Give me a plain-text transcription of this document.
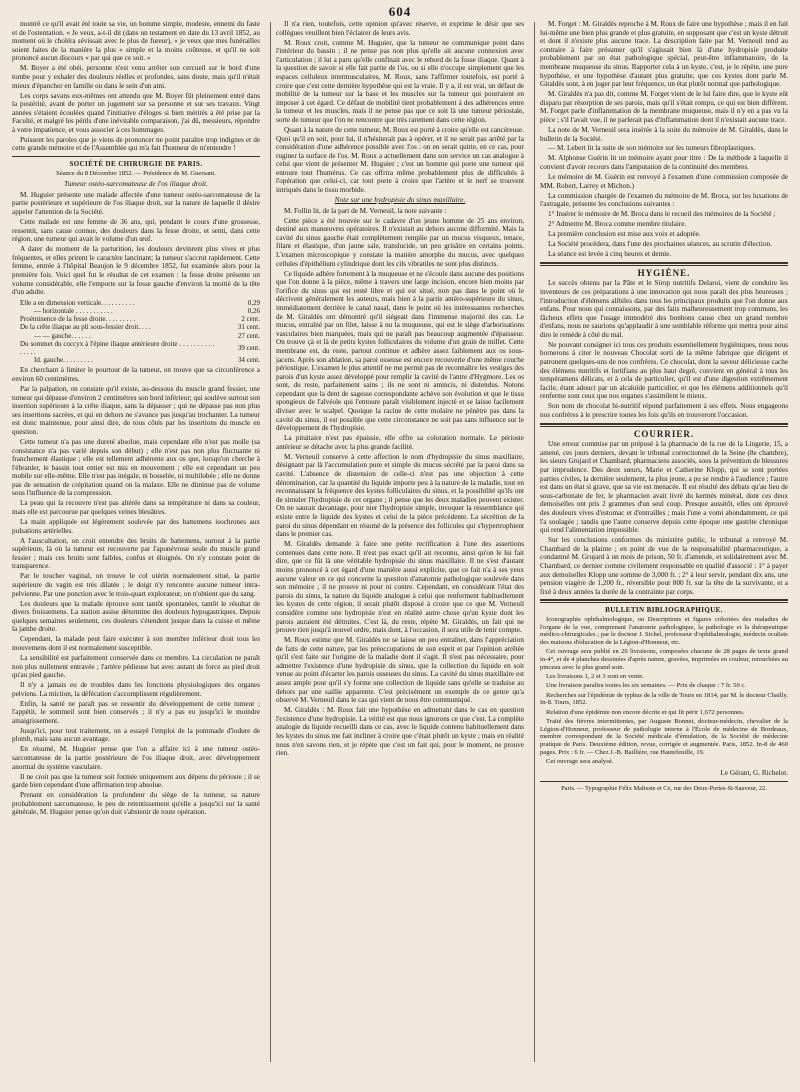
604

montré ce qu'il avait été toute sa vie, un homme simple, modeste, ennemi du faste et de l'ostentation. « Je veux, a-t-il dit (dans un testament en date du 13 avril 1852, au moment où le choléra sévissait avec le plus de fureur), « je veux que mes funérailles soient faites de la manière la plus « simple et la moins coûteuse, et qu'il ne soit prononcé aucun discours « par qui que ce soit. »

M. Boyer a été obéi, personne n'est venu arrêter son cercueil sur le bord d'une tombe pour y exhaler des douleurs réelles et profondes, sans doute, mais qu'il n'était mieux d'épancher en famille ou dans le sein d'un ami.

Les corps savans eux-mêmes ont attendu que M. Boyer fût pleinement entré dans la postérité, avant de porter un jugement sur sa personne et sur ses travaux. Vingt années s'étaient écoulées quand l'initiative d'éloges si bien mérités a été prise par la Faculté, et malgré les périls d'une inévitable comparaison, j'ai dû, messieurs, répondre à votre impatience, et vous associer à ces hommages.

Puissent les paroles que je viens de prononcer ne point paraître trop indignes et de cette grande mémoire et de l'Assemblée qui m'a fait l'honneur de m'entendre !

SOCIÉTÉ DE CHIRURGIE DE PARIS.
Séance du 8 Décembre 1852. — Présidence de M. Guersant.
Tumeur ostéo-sarcomateuse de l'os iliaque droit.

M. Huguier présente une malade affectée d'une tumeur ostéo-sarcomateuse de la partie postérieure et supérieure de l'os iliaque droit, sur la nature de laquelle il désire appeler l'attention de la Société.

Cette malade est une femme de 36 ans, qui, pendant le cours d'une grossesse, ressentit, sans cause connue, des douleurs dans la fesse droite, et senti, dans cette région, une tumeur qui avait le volume d'un œuf.

A dater du moment de la parturition, les douleurs devinrent plus vives et plus fréquentes, et elles prirent le caractère lancinant; la tumeur s'accrut rapidement. Cette femme, entrée à l'hôpital Beaujon le 9 décembre 1852, fut examinée alors pour la première fois. Voici quel fut le résultat de cet examen : la fesse droite présente un volume considérable, elle l'emporte sur la fesse gauche d'environ la moitié de la tête d'un adulte.

Elle a en dimension verticale. . . . . . . . . .	0,29
— horizontale . . . . . . . . . . .	0,26
Proéminence de la fesse droite. . . . . . . . .	2 cent.
De la crête iliaque au pli sous-fessier droit. . . .	31 cent.
— — gauche. . . . . .	27 cent.
Du sommet du coccyx à l'épine iliaque antérieure droite . . . . . . . . . . . . . . .	39 cent.
Id. gauche. . . . . . . . .	34 cent.

En cherchant à limiter le pourtour de la tumeur, on trouve que sa circonférence a environ 60 centimètres.

Par la palpation, on constate qu'il existe, au-dessous du muscle grand fessier, une tumeur qui dépasse d'environ 2 centimètres son bord inférieur; qui soulève surtout son insertion supérieure à la crête iliaque, sans la dépasser ; qui ne dépasse pas non plus ses insertions sacrées, et qui en dehors ne s'avance pas jusqu'au trochanter. La tumeur est donc maintenue, pour ainsi dire, de tous côtés par les insertions du muscle en question.

Cette tumeur n'a pas une dureté absolue, mais cependant elle n'est pas molle (sa consistance n'a pas varié depuis son début) ; elle n'est pas non plus fluctuante ni franchement élastique ; elle est tellement adhérente aux os que, lorsqu'on cherche à l'ébranler, le bassin tout entier est mis en mouvement ; elle est cependant un peu mobile sur elle-même. Elle n'est pas inégale, ni bosselée, ni multilobée ; elle ne donne pas de sensation de crépitation quand on la malaxe. Elle ne diminue pas de volume sous l'influence de la compression.

La peau qui la recouvre n'est pas altérée dans sa température ni dans sa couleur, mais elle est parcourue par quelques veines bleuâtres.

La main appliquée est légèrement soulevée par des battemens isochrones aux pulsations artérielles.

A l'auscultation, on croit entendre des bruits de battemens, surtout à la partie supérieure, là où la tumeur est recouverte par l'aponévrose seule du muscle grand fessier ; mais ces bruits sont faibles, confus et éloignés. On n'y constate point de transparence.

Par le toucher vaginal, on trouve le col utérin normalement situé, la partie supérieure du vagin est très dilatée ; le doigt n'y rencontre aucune tumeur intra-pelvienne. Par une ponction avec le trois-quart explorateur, on n'obtient que du sang.

Les douleurs que la malade éprouve sont tantôt spontanées, tantôt le résultat de divers froissemens. La station assise détermine des douleurs hypogastriques. Depuis quelques semaines seulement, ces douleurs s'étendent jusque dans la cuisse et même la jambe droite.

Cependant, la malade peut faire exécuter à son membre inférieur droit tous les mouvemens dont il est normalement susceptible.

La sensibilité est parfaitement conservée dans ce membre. La circulation ne paraît non plus nullement entravée ; l'artère pédieuse bat avec autant de force au pied droit qu'au pied gauche.

Il n'y a jamais eu de troubles dans les fonctions physiologiques des organes pelviens. La miction, la défécation s'accomplissent régulièrement.

Enfin, la santé ne paraît pas se ressentir du développement de cette tumeur ; l'appétit, le sommeil sont bien conservés ; il n'y a pas eu jusqu'ici le moindre amaigrissement.

Jusqu'ici, pour tout traitement, on a essayé l'emploi de la pommade d'iodure de plomb, mais sans aucun avantage.

En résumé, M. Huguier pense que l'on a affaire ici à une tumeur ostéo-sarcomateuse de la partie postérieure de l'os iliaque droit, avec développement anormal du système vasculaire.

Il ne croit pas que la tumeur soit formée uniquement aux dépens du périoste ; il se garde bien cependant d'une affirmation trop absolue.

Prenant en considération la profondeur du siège de la tumeur, sa nature probablement sarcomateuse, le peu de retentissement qu'elle a jusqu'ici sur la santé générale, M. Huguier pense qu'on doit s'abstenir de toute opération.

Il n'a rien, toutefois, cette opinion qu'avec réserve, et exprime le désir que ses collègues veuillent bien l'éclairer de leurs avis.

M. Roux croit, comme M. Huguier, que la tumeur ne communique point dans l'intérieur du bassin ; il ne pense pas non plus qu'elle ait aucune connexion avec l'articulation ; il lui a paru qu'elle confinait avec le rebord de la fosse iliaque. Quant à la question de savoir si elle fait partie de l'os, ou si elle n'occupe simplement que les espaces celluleux intermusculaires, M. Roux, sans l'affirmer toutefois, est porté à croire que c'est cette dernière hypothèse qui est la vraie. Il y a, il est vrai, un défaut de mobilité de la tumeur sur la base et les muscles sur la tumeur qui pourraient en imposer à cet égard. Ce défaut de mobilité tient probablement à des adhérences entre la tumeur et les muscles, mais il ne pense pas que ce soit là une tumeur périostale, sorte de tumeur que l'on ne rencontre que très rarement dans cette région.

Quant à la nature de cette tumeur, M. Roux est porté à croire qu'elle est cancéreuse. Quoi qu'il en soit, pour lui, il n'hésiterait pas à opérer, et il ne serait pas arrêté par la considération d'une adhérence possible avec l'os : on en serait quitte, en ce cas, pour ruginer la surface de l'os. M. Roux a actuellement dans son service un cas analogue à celui que vient de présenter M. Huguier ; c'est un homme qui porte une tumeur qui entoure tout l'humérus. Ce cas offrira même probablement plus de difficultés à l'opération que celui-ci, car tout porte à croire que l'artère et le nerf se trouvent intriqués dans le tissu morbide.

Note sur une hydropisie du sinus maxillaire.

M. Follin lit, de la part de M. Verneuil, la note suivante :

Cette pièce a été trouvée sur le cadavre d'un jeune homme de 25 ans environ, destiné aux manœuvres opératoires. Il n'existait au dehors aucune difformité. Mais la cavité du sinus gauche était complètement remplie par un mucus visqueux, tenace, filant et élastique, d'un jaune sale, translucide, un peu grisâtre en certains points. L'examen microscopique y constate la matière amorphe du mucus, avec quelques cellules d'épithélium cylindrique dont les cils vibratiles ne sont plus distincts.

Ce liquide adhère fortement à la muqueuse et ne s'écoule dans aucune des positions que l'on donne à la pièce, même à travers une large incision, encore bien moins par l'orifice du sinus qui est resté libre et qui est situé, non pas dans le point où le décrivent généralement les auteurs, mais bien à la partie antéro-supérieure du sinus, immédiatement derrière le canal nasal, dans le point où les intéressantes recherches de M. Giraldès ont démontré qu'il siégeait dans l'immense majorité des cas. Le mucus, entraîné par un filet, laisse à nu la muqueuse, qui est le siège d'arborisations vasculaires bien marquées, mais qui ne paraît pas beaucoup augmentée d'épaisseur. On trouve çà et là de petits kystes folliculaires du volume d'un grain de millet. Cette membrane est, du reste, partout continue et adhère assez faiblement aux os sous-jacens. Après son ablation, sa paroi osseuse est encore recouverte d'une même couche périostique. L'examen le plus attentif ne me permit pas de reconnaître les vestiges des parois d'un kyste assez développé pour remplir la cavité de l'antre d'Hygmore. Les os sont, du reste, parfaitement sains ; ils ne sont ni amincis, ni distendus. Notons cependant que la dent de sagesse correspondante achève son évolution et que le tissu spongieux de l'alvéole qui l'entoure paraît visiblement injecté et se laisse facilement diviser avec le scalpel. Quoique la racine de cette molaire ne pénètre pas dans la cavité du sinus, il est possible que cette circonstance ne soit pas sans influence sur le développement de l'hydropisie.

La pituitaire n'est pas épaissie, elle offre sa coloration normale. Le périoste antérieur se détache avec la plus grande facilité.

M. Verneuil conserve à cette affection le nom d'hydropisie du sinus maxillaire, désignant par là l'accumulation pure et simple du mucus sécrété par la paroi dans sa cavité. L'absence de distension de celle-ci n'est pas une objection à cette dénomination, car la quantité du liquide importe peu à la nature de la maladie, tout en reconnaissant la fréquence des kystes folliculaires du sinus, et la possibilité qu'ils ont de simuler l'hydropisie de cet organe ; il pense que les deux maladies peuvent exister. On ne saurait davantage, pour nier l'hydropisie simple, invoquer la ressemblance qui existe entre le liquide des kystes et celui de la pièce précédente. La sécrétion de la paroi du sinus dépendant en résumé de la présence des follicules qui s'hypertrophient dans le premier cas.

M. Giraldès demande à faire une petite rectification à l'une des assertions contenues dans cette note. Il n'est pas exact qu'il ait reconnu, ainsi qu'on le lui fait dire, que ce fût là une véritable hydropisie du sinus maxillaire. Il ne s'est d'autant moins prononcé à cet égard d'une manière aussi explicite, que ce fait n'a à ses yeux aucune valeur en ce qui concerne la question d'anatomie pathologique soulevée dans son mémoire ; il ne prouve ni pour ni contre. Cependant, en considérant l'état des parois du sinus, la nature du liquide analogue à celui que renferment habituellement les kystes de cette région, il serait plutôt disposé à croire que ce que M. Verneuil considère comme une hydropisie n'est en réalité autre chose qu'un kyste dont les parois auraient été détruites. C'est là, du reste, répète M. Giraldès, un fait qui ne prouve rien jusqu'à nouvel ordre, mais dont, à l'occasion, il sera utile de tenir compte.

M. Roux estime que M. Giraldès ne se laisse un peu entraîner, dans l'appréciation de faits de cette nature, par les préoccupations de son esprit et par l'opinion arrêtée qu'il s'est faite sur l'origine de la maladie dont il s'agit. Il n'est pas nécessaire, pour admettre l'existence d'une hydropisie du sinus, que la collection du liquide en soit venue au point d'écarter les parois osseuses du sinus. La cavité du sinus maxillaire est assez ample pour qu'il s'y forme une collection de liquide sans qu'elle se traduise au dehors par une saillie apparente. C'est précisément un exemple de ce genre qu'a observé M. Verneuil dans le cas qui vient de nous être communiqué.

M. Giraldès : M. Roux fait une hypothèse en admettant dans le cas en question l'existence d'une hydropisie. La vérité est que nous ignorons ce que c'est. La complète analogie du liquide recueilli dans ce cas, avec le liquide contenu habituellement dans les kystes du sinus me fait incliner à croire que c'était plutôt un kyste ; mais en réalité nous n'en savons rien, et je répète que c'est un fait qui, pour le moment, ne prouve rien.

M. Forget : M. Giraldès reproche à M. Roux de faire une hypothèse ; mais il en fait lui-même une bien plus grande et plus gratuite, en supposant que c'est un kyste détruit et dont il n'existe plus aucune trace. La description faite par M. Verneuil tend au contraire à faire présumer qu'il s'agissait bien là d'une hydropisie produite probablement par un état pathologique spécial, peut-être inflammatoire, de la membrane muqueuse du sinus. Rapporter cela à un kyste, c'est, je le répète, une pure hypothèse, et une hypothèse d'autant plus gratuite, que ces kystes dont parle M. Giraldès sont, à en juger par leur fréquence, un état plutôt normal que pathologique.

M. Giraldès n'a pas dit, comme M. Forget vient de le lui faire dire, que le kyste eût disparu par résorption de ses parois, mais qu'il s'était rompu, ce qui est bien différent. M. Forget parle d'inflammation de la membrane muqueuse, mais il n'y en a pas vu la pièce ; s'il l'avait vue, il ne parlerait pas d'inflammation dont il n'existait aucune trace.

La note de M. Verneuil sera insérée à la suite du mémoire de M. Giraldès, dans le bulletin de la Société.

— M. Lebert lit la suite de son mémoire sur les tumeurs fibroplastiques.

M. Alphonse Guérin lit un mémoire ayant pour titre : De la méthode à laquelle il convient d'avoir recours dans l'amputation de la continuité des membres.

Le mémoire de M. Guérin est renvoyé à l'examen d'une commission composée de MM. Robert, Larrey et Michon.)

La commission chargée de l'examen du mémoire de M. Broca, sur les luxations de l'astragale, présente les conclusions suivantes :

1° Insérer le mémoire de M. Broca dans le recueil des mémoires de la Société ;

2° Admettre M. Broca comme membre titulaire.

La première conclusion est mise aux voix et adoptée.

La Société procédera, dans l'une des prochaines séances, au scrutin d'élection.

La séance est levée à cinq heures et demie.

HYGIÈNE.

Le succès obtenu par la Pâte et le Sirop nutritifs Delaroi, vient de conduire les inventeurs de ces préparations à une innovation qui nous paraît des plus heureuses ; l'introduction d'élémens alibiles dans tous les principaux produits que l'on donne aux enfans. Pour nous qui connaissons, par des faits malheureusement trop communs, les fâcheux effets que l'usage immodéré des bonbons cause chez un grand nombre d'enfans, nous ne saurions qu'applaudir à une semblable réforme qui mettra pour ainsi dire le remède à côté du mal.

Ne pouvant consigner ici tous ces produits essentiellement hygiéniques, nous nous bornerons à citer le nouveau Chocolat sorti de la même fabrique que dirigent et patronent quelques-uns de nos confrères. Ce chocolat, dont la saveur délicieuse cache des élémens nutritifs et fortifians au plus haut degré, convient en général à tous les tempéramens délicats, et à cela de particulier, qu'il est d'une digestion extrêmement facile, étant adouci par un alcaloïde particulier, et que les élémens additionnels qu'il renferme sont ceux que nos organes s'assimilent le mieux.

Son nom de chocolat bi-nutritif répond parfaitement à ses effets. Nous engageons nos confrères à le prescrire toutes les fois qu'ils en trouveront l'occasion.

COURRIER.

Une erreur commise par un préposé à la pharmacie de la rue de la Lingerie, 15, a amené, ces jours derniers, devant le tribunal correctionnel de la Seine (8e chambre), les sieurs Grujard et Chambard, pharmaciens associés, sous la prévention de blessures par imprudence. Des deux sœurs, Marie et Catherine Klopp, qui se sont portées parties civiles, la dernière seulement, la plus jeune, a pu se rendre à l'audience ; l'autre est dans un état si grave, que sa vie est menacée. Il est résulté des débats qu'au lieu de sous-carbonate de fer, le pharmacien avait livré du kermès minéral, dont ces deux demoiselles ont pris 2 grammes d'un seul coup. Presque aussitôt, elles ont éprouvé des douleurs vives d'estomac et d'entrailles ; mais l'une a vomi abondamment, ce qui l'a soulagée ; tandis que l'autre conserve depuis cette époque une gastrite chronique qui rend l'alimentation impossible.

Sur les conclusions conformes du ministère public, le tribunal a renvoyé M. Chambard de la plainte ; en point de vue de la responsabilité pharmaceutique, a condamné M. Grujard à un mois de prison, 50 fr. d'amende, et solidairement avec M. Chambard, ce dernier comme civilement responsable en qualité d'associé : 1° à payer aux demoiselles Klopp une somme de 3,000 fr. ; 2° à leur servir, pendant dix ans, une pension viagère de 1,200 fr., réversible pour 800 fr. sur la tête de la survivante, et a fixé à deux années la durée de la contrainte par corps.

BULLETIN BIBLIOGRAPHIQUE.

Iconographie ophthalmologique, ou Descriptions et figures coloriées des maladies de l'organe de la vue, comprenant l'anatomie pathologique, la pathologie et la thérapeutique médico-chirurgicales ; par le docteur J. Sichel, professeur d'ophthalmologie, médecin oculiste des maisons d'éducation de la Légion-d'Honneur, etc.

Cet ouvrage sera publié en 20 livraisons, composées chacune de 28 pages de texte grand in-4°, et de 4 planches dessinées d'après nature, gravées, imprimées en couleur, retouchées au pinceau avec le plus grand soin.

Les livraisons 1, 2 et 3 sont en vente.

Une livraison paraîtra toutes les six semaines. — Prix de chaque : 7 fr. 50 c.

Recherches sur l'épidémie de typhus de la ville de Tours en 1814, par M. le docteur Chailly. In-8. Tours, 1852.

Relation d'une épidémie non encore décrite et qui fit périr 1,672 personnes.

Traité des fièvres intermittentes, par Auguste Bonnet, docteur-médecin, chevalier de la Légion-d'Honneur, professeur de pathologie interne à l'École de médecine de Bordeaux, membre correspondant de la Société médicale d'émulation, de la Société de médecine pratique de Paris. Deuxième édition, revue, corrigée et augmentée. Paris, 1852. In-8 de 460 pages. Prix : 6 fr. — Chez J.-B. Baillière, rue Hautefeuille, 19.

Cet ouvrage sera analysé.

Le Gérant, G. Richelot.
Paris. — Typographie Félix Malteste et Ce, rue des Deux-Portes-St-Sauveur, 22.
